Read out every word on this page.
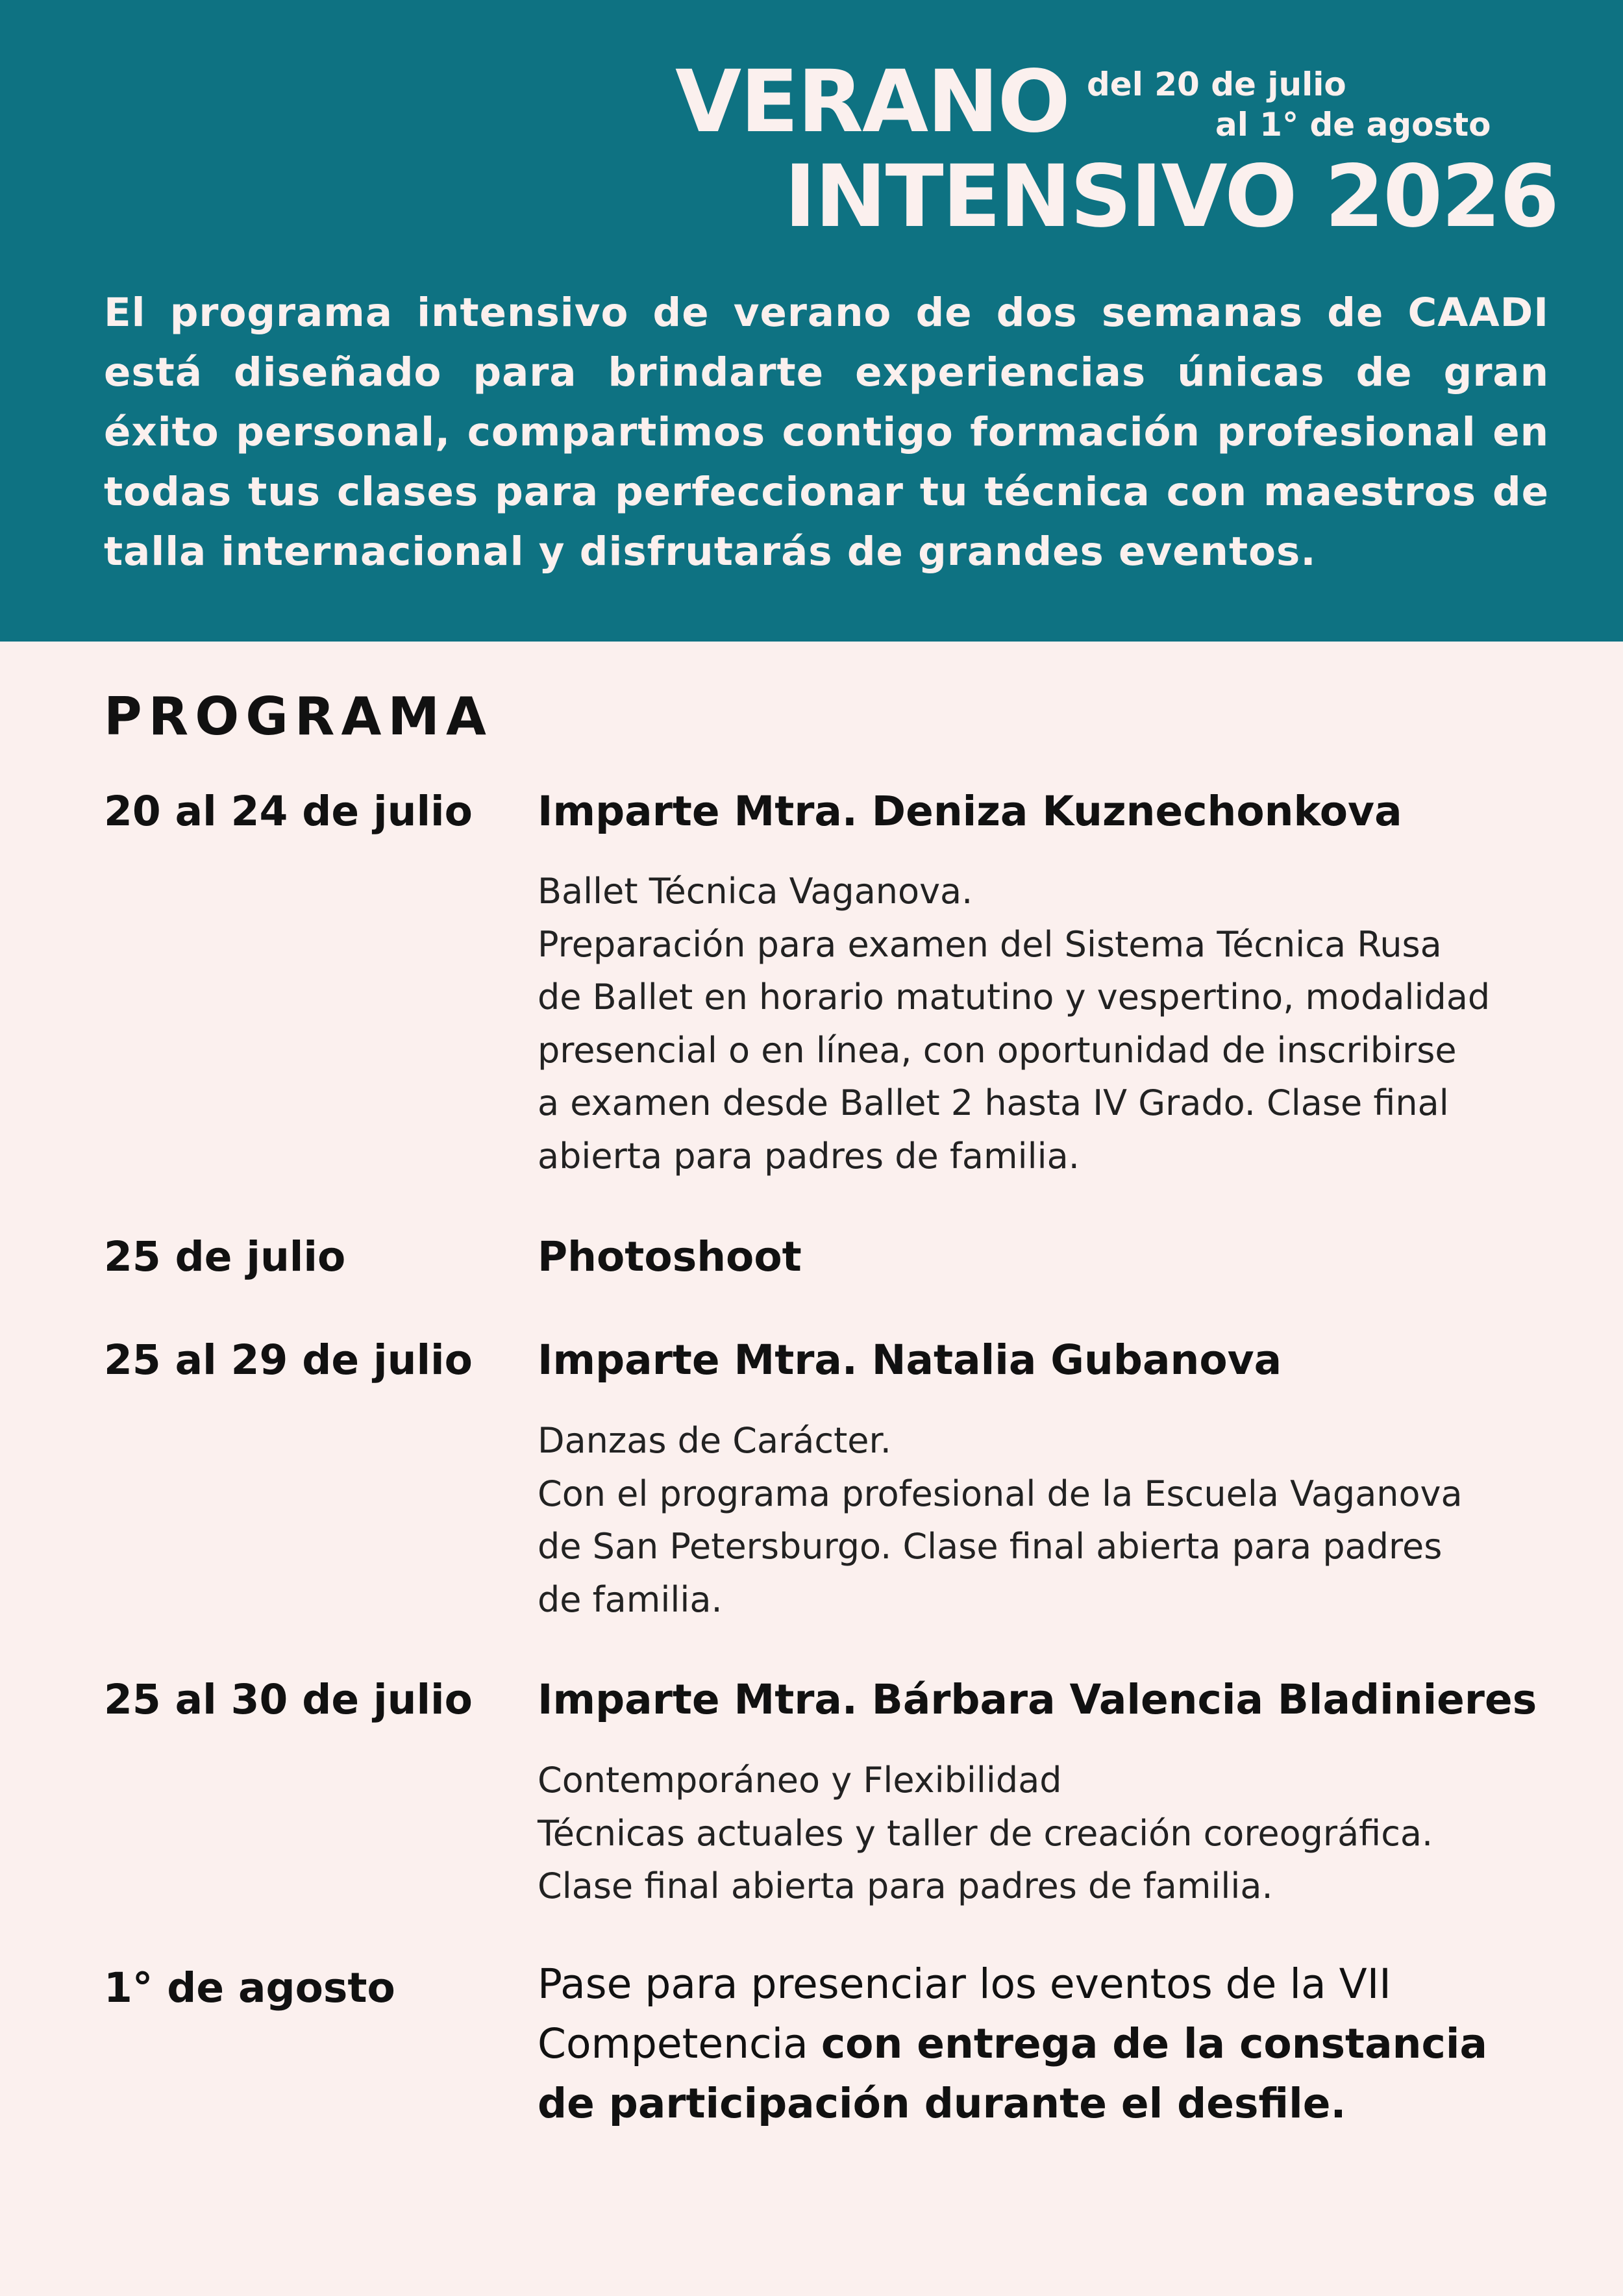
VERANO del 20 de julio
al 1° de agosto
INTENSIVO 2026
El programa intensivo de verano de dos semanas de CAADI está diseñado para brindarte experiencias únicas de gran éxito personal, compartimos contigo formación profesional en todas tus clases para perfeccionar tu técnica con maestros de talla internacional y disfrutarás de grandes eventos.
PROGRAMA
20 al 24 de julio Imparte Mtra. Deniza Kuznechonkova
Ballet Técnica Vaganova.
Preparación para examen del Sistema Técnica Rusa
de Ballet en horario matutino y vespertino, modalidad
presencial o en línea, con oportunidad de inscribirse
a examen desde Ballet 2 hasta IV Grado. Clase final
abierta para padres de familia.
25 de julio	Photoshoot
25 al 29 de julio Imparte Mtra. Natalia Gubanova
Danzas de Carácter.
Con el programa profesional de la Escuela Vaganova
de San Petersburgo. Clase final abierta para padres
de familia.
25 al 30 de julio Imparte Mtra. Bárbara Valencia Bladinieres
Contemporáneo y Flexibilidad
Técnicas actuales y taller de creación coreográfica.
Clase final abierta para padres de familia.
1° de agosto	Pase para presenciar los eventos de la VII
Competencia con entrega de la constancia
de participación durante el desfile.
